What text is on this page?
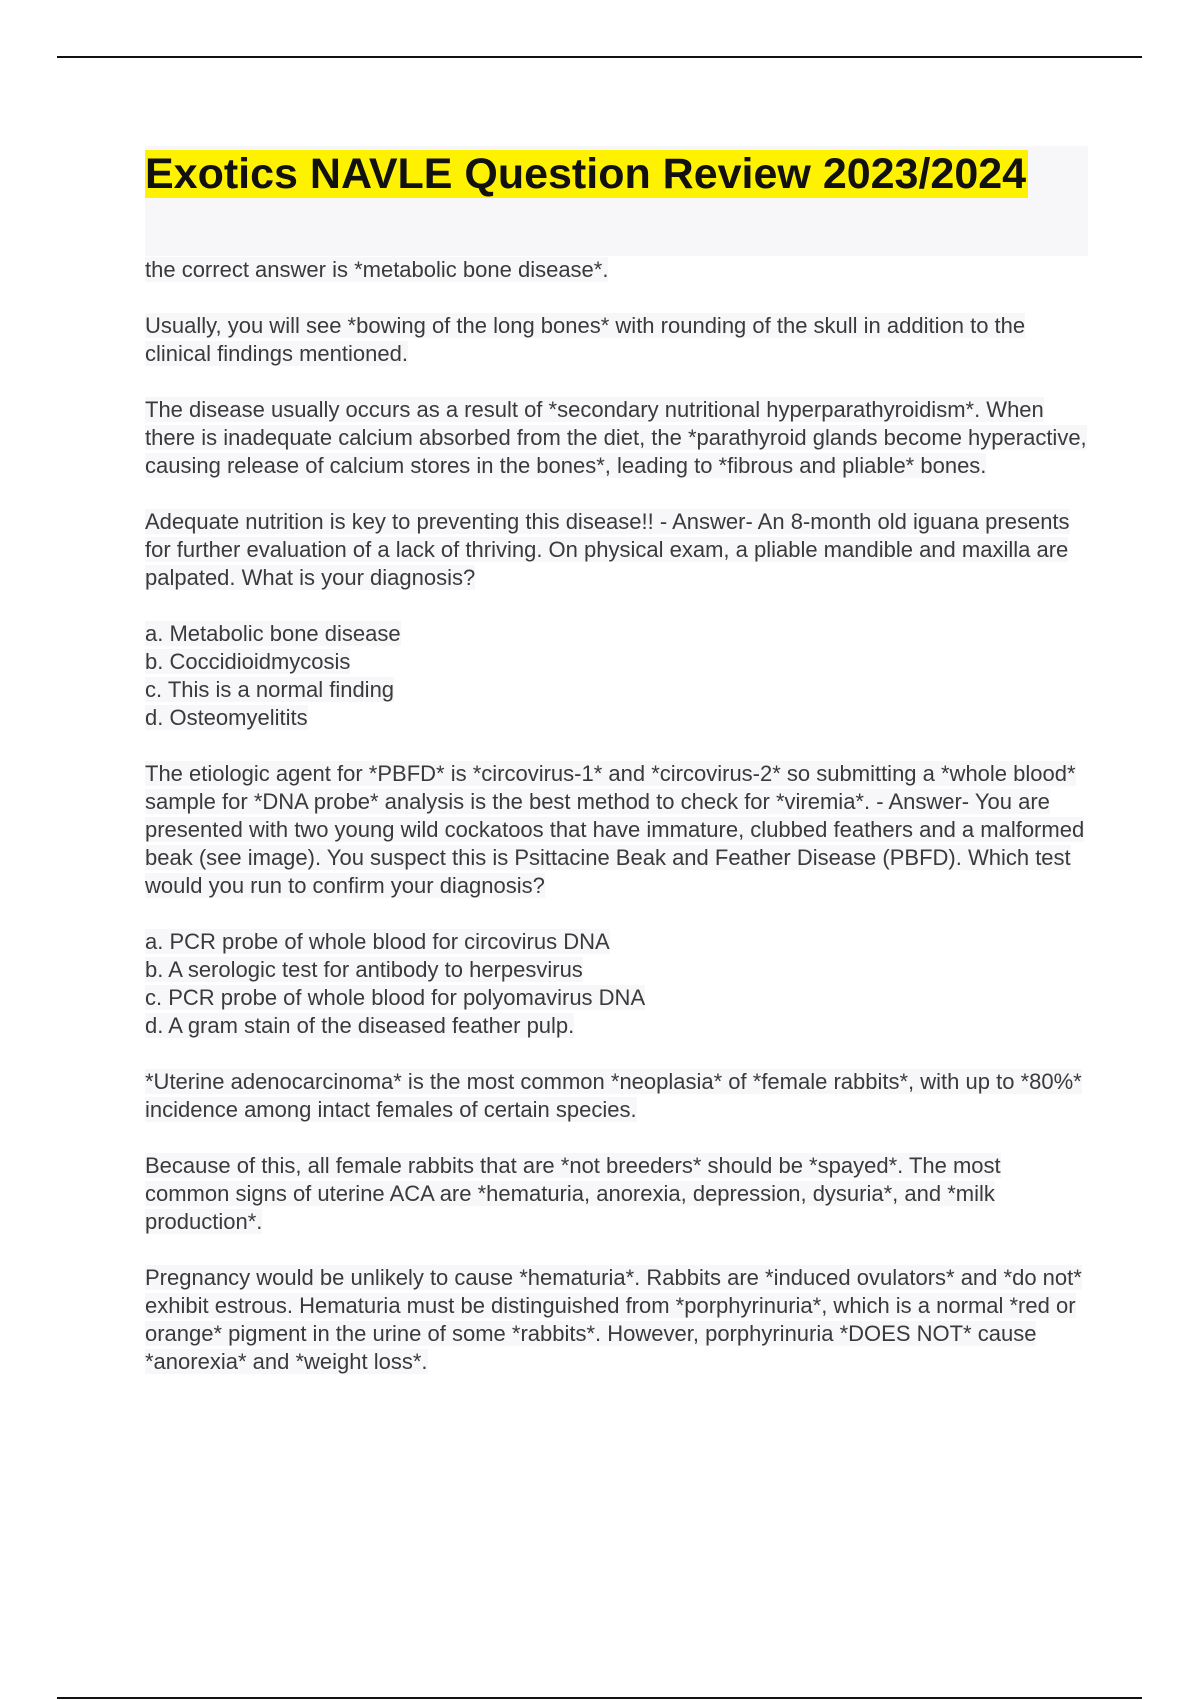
Exotics NAVLE Question Review 2023/2024

the correct answer is *metabolic bone disease*.

Usually, you will see *bowing of the long bones* with rounding of the skull in addition to the clinical findings mentioned.

The disease usually occurs as a result of *secondary nutritional hyperparathyroidism*. When there is inadequate calcium absorbed from the diet, the *parathyroid glands become hyperactive, causing release of calcium stores in the bones*, leading to *fibrous and pliable* bones.

Adequate nutrition is key to preventing this disease!! - Answer- An 8-month old iguana presents for further evaluation of a lack of thriving. On physical exam, a pliable mandible and maxilla are palpated. What is your diagnosis?

a. Metabolic bone disease

b. Coccidioidmycosis

c. This is a normal finding

d. Osteomyelitits

The etiologic agent for *PBFD* is *circovirus-1* and *circovirus-2* so submitting a *whole blood* sample for *DNA probe* analysis is the best method to check for *viremia*. - Answer- You are presented with two young wild cockatoos that have immature, clubbed feathers and a malformed beak (see image). You suspect this is Psittacine Beak and Feather Disease (PBFD). Which test would you run to confirm your diagnosis?

a. PCR probe of whole blood for circovirus DNA

b. A serologic test for antibody to herpesvirus

c. PCR probe of whole blood for polyomavirus DNA

d. A gram stain of the diseased feather pulp.

*Uterine adenocarcinoma* is the most common *neoplasia* of *female rabbits*, with up to *80%* incidence among intact females of certain species.

Because of this, all female rabbits that are *not breeders* should be *spayed*. The most common signs of uterine ACA are *hematuria, anorexia, depression, dysuria*, and *milk production*.

Pregnancy would be unlikely to cause *hematuria*. Rabbits are *induced ovulators* and *do not* exhibit estrous. Hematuria must be distinguished from *porphyrinuria*, which is a normal *red or orange* pigment in the urine of some *rabbits*. However, porphyrinuria *DOES NOT* cause *anorexia* and *weight loss*.
